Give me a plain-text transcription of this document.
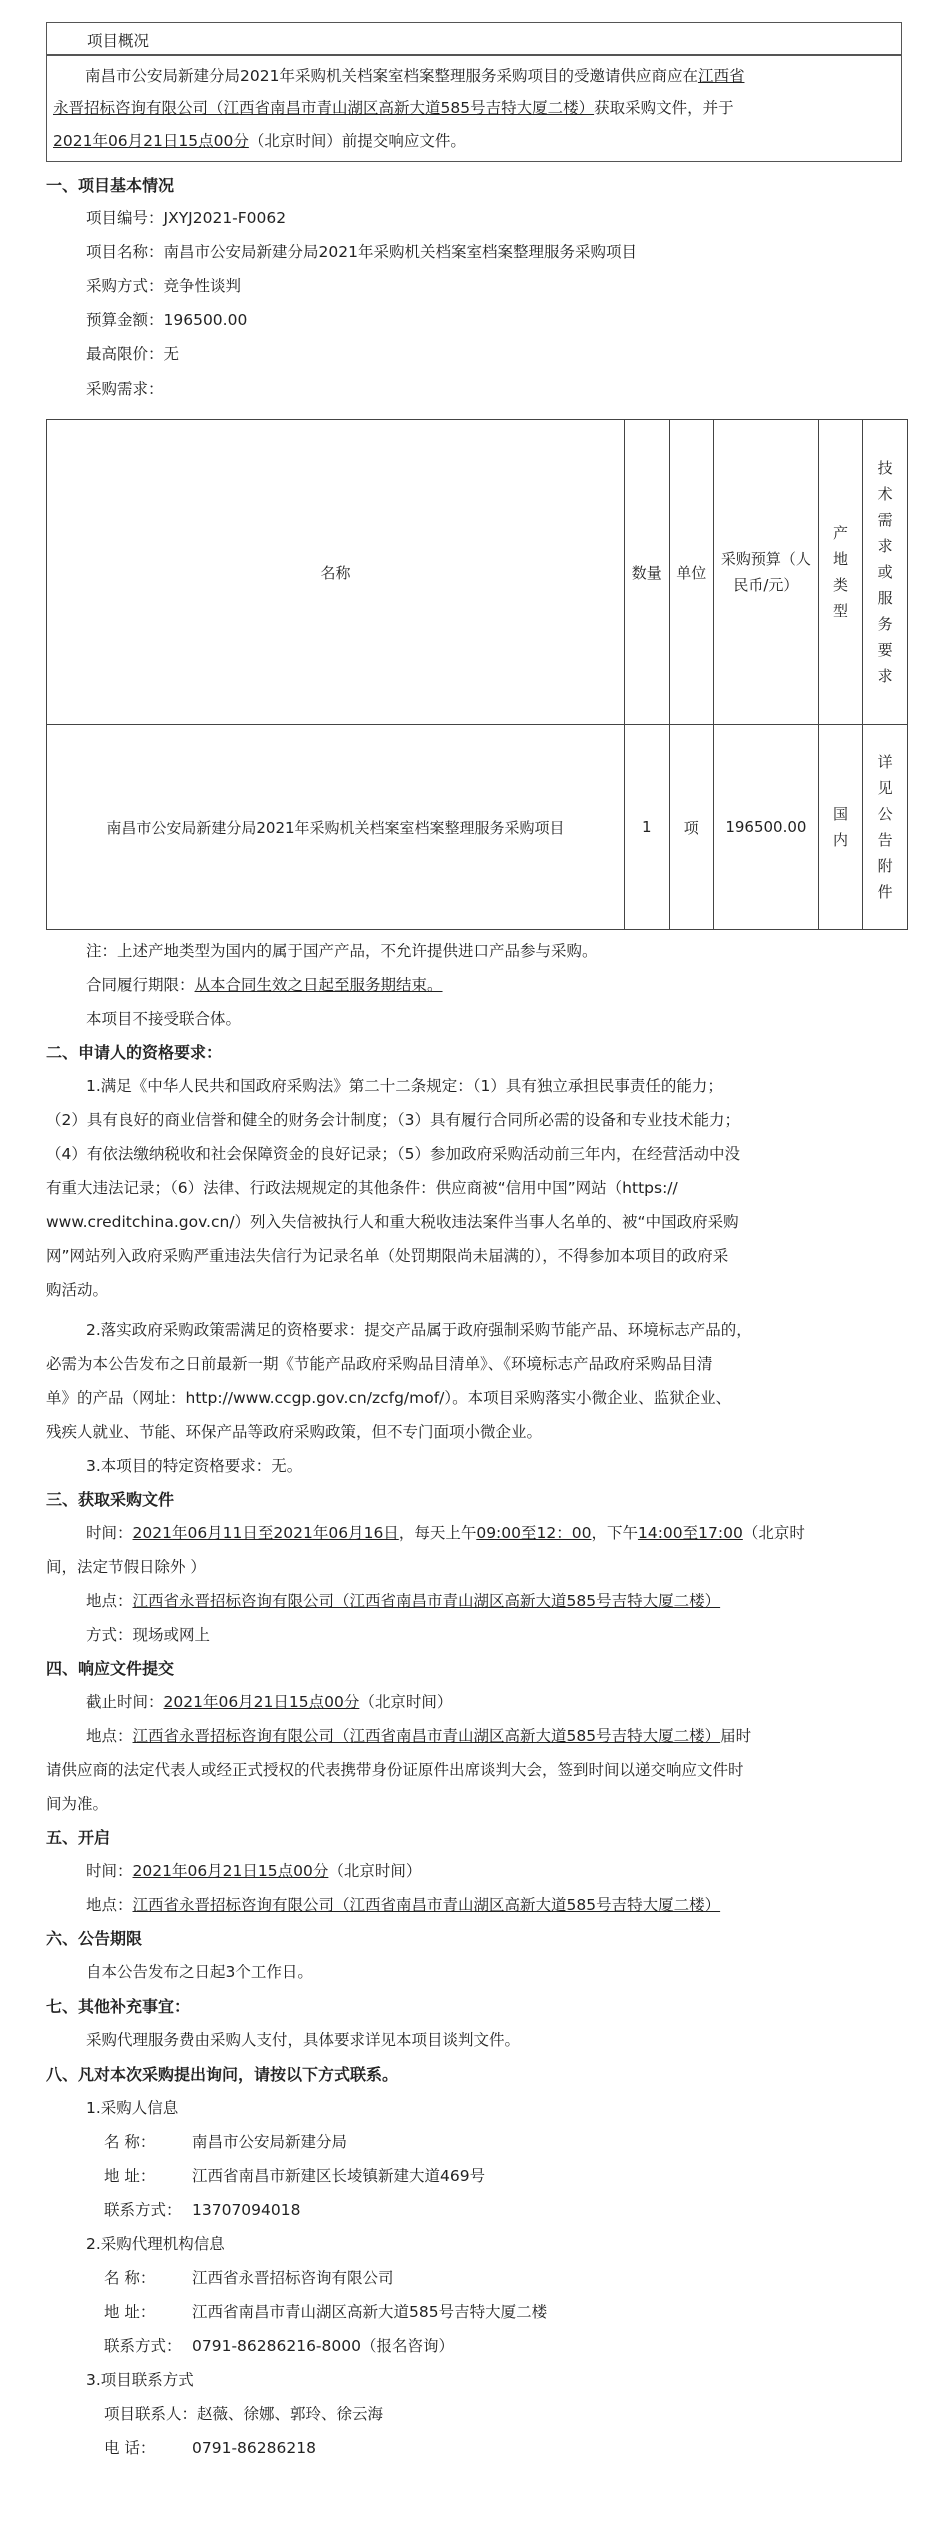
项目概况
南昌市公安局新建分局2021年采购机关档案室档案整理服务采购项目的受邀请供应商应在江西省
永晋招标咨询有限公司（江西省南昌市青山湖区高新大道585号吉特大厦二楼）获取采购文件，并于
2021年06月21日15点00分（北京时间）前提交响应文件。
一、项目基本情况
项目编号：JXYJ2021-F0062
项目名称：南昌市公安局新建分局2021年采购机关档案室档案整理服务采购项目
采购方式：竞争性谈判
预算金额：196500.00
最高限价：无
采购需求：
名称	数量	单位	采购预算（人民币/元）	产地类型	技术需求或服务要求

南昌市公安局新建分局2021年采购机关档案室档案整理服务采购项目	1	项	196500.00	国内	详见公告附件
注：上述产地类型为国内的属于国产产品，不允许提供进口产品参与采购。
合同履行期限：从本合同生效之日起至服务期结束。
本项目不接受联合体。
二、申请人的资格要求：
1.满足《中华人民共和国政府采购法》第二十二条规定：（1）具有独立承担民事责任的能力；
（2）具有良好的商业信誉和健全的财务会计制度；（3）具有履行合同所必需的设备和专业技术能力；
（4）有依法缴纳税收和社会保障资金的良好记录；（5）参加政府采购活动前三年内，在经营活动中没
有重大违法记录；（6）法律、行政法规规定的其他条件：供应商被“信用中国”网站（https://
www.creditchina.gov.cn/）列入失信被执行人和重大税收违法案件当事人名单的、被“中国政府采购
网”网站列入政府采购严重违法失信行为记录名单（处罚期限尚未届满的），不得参加本项目的政府采
购活动。
2.落实政府采购政策需满足的资格要求：提交产品属于政府强制采购节能产品、环境标志产品的，
必需为本公告发布之日前最新一期《节能产品政府采购品目清单》、《环境标志产品政府采购品目清
单》的产品（网址：http://www.ccgp.gov.cn/zcfg/mof/）。本项目采购落实小微企业、监狱企业、
残疾人就业、节能、环保产品等政府采购政策，但不专门面项小微企业。
3.本项目的特定资格要求：无。
三、获取采购文件
时间：2021年06月11日至2021年06月16日，每天上午09:00至12：00，下午14:00至17:00（北京时
间，法定节假日除外 ）
地点：江西省永晋招标咨询有限公司（江西省南昌市青山湖区高新大道585号吉特大厦二楼）
方式：现场或网上
四、响应文件提交
截止时间：2021年06月21日15点00分（北京时间）
地点：江西省永晋招标咨询有限公司（江西省南昌市青山湖区高新大道585号吉特大厦二楼）届时
请供应商的法定代表人或经正式授权的代表携带身份证原件出席谈判大会，签到时间以递交响应文件时
间为准。
五、开启
时间：2021年06月21日15点00分（北京时间）
地点：江西省永晋招标咨询有限公司（江西省南昌市青山湖区高新大道585号吉特大厦二楼）
六、公告期限
自本公告发布之日起3个工作日。
七、其他补充事宜：
采购代理服务费由采购人支付，具体要求详见本项目谈判文件。
八、凡对本次采购提出询问，请按以下方式联系。
1.采购人信息
名 称： 南昌市公安局新建分局
地 址： 江西省南昌市新建区长堎镇新建大道469号
联系方式： 13707094018
2.采购代理机构信息
名 称： 江西省永晋招标咨询有限公司
地 址： 江西省南昌市青山湖区高新大道585号吉特大厦二楼
联系方式： 0791-86286216-8000（报名咨询）
3.项目联系方式
项目联系人：赵薇、徐娜、郭玲、徐云海
电 话： 0791-86286218
